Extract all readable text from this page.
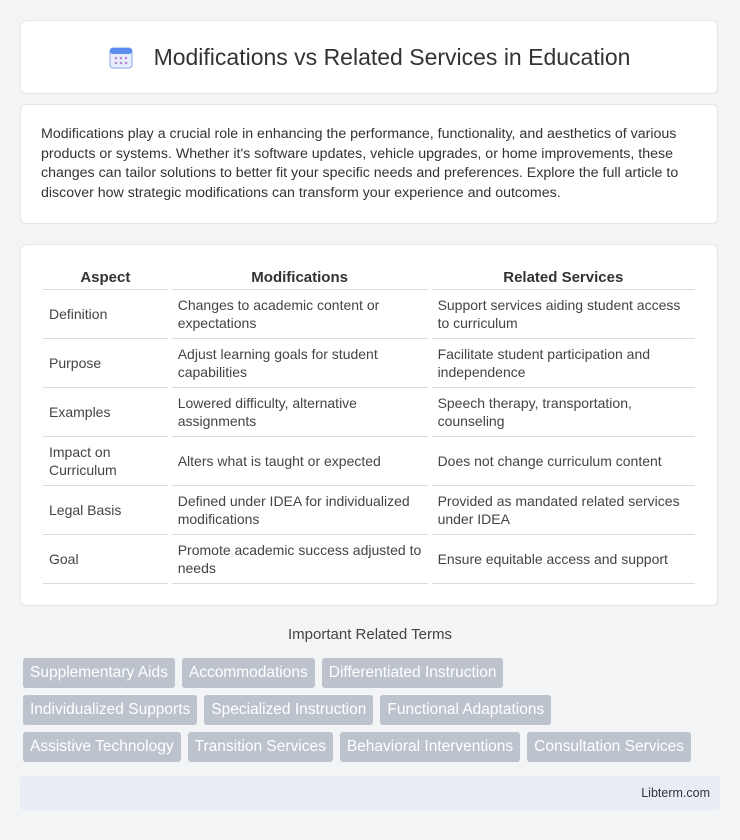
Modifications vs Related Services in Education

Modifications play a crucial role in enhancing the performance, functionality, and aesthetics of various products or systems. Whether it's software updates, vehicle upgrades, or home improvements, these changes can tailor solutions to better fit your specific needs and preferences. Explore the full article to discover how strategic modifications can transform your experience and outcomes.

Aspect	Modifications	Related Services
Definition	Changes to academic content or expectations	Support services aiding student access to curriculum
Purpose	Adjust learning goals for student capabilities	Facilitate student participation and independence
Examples	Lowered difficulty, alternative assignments	Speech therapy, transportation, counseling
Impact on Curriculum	Alters what is taught or expected	Does not change curriculum content
Legal Basis	Defined under IDEA for individualized modifications	Provided as mandated related services under IDEA
Goal	Promote academic success adjusted to needs	Ensure equitable access and support
Important Related Terms
Supplementary Aids	Accommodations	Differentiated Instruction
Individualized Supports	Specialized Instruction	Functional Adaptations
Assistive Technology	Transition Services	Behavioral Interventions	Consultation Services
Libterm.com
